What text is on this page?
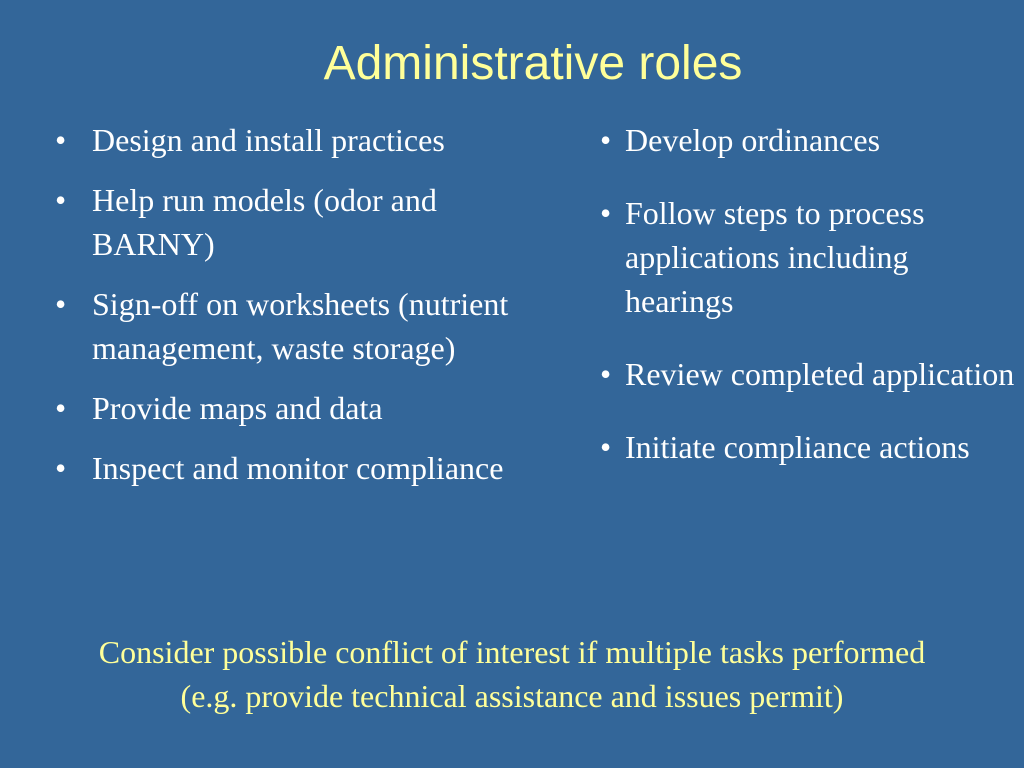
Administrative roles
• Design and install practices
• Help run models (odor and BARNY)
• Sign-off on worksheets (nutrient management, waste storage)
• Provide maps and data
• Inspect and monitor compliance
• Develop ordinances
• Follow steps to process applications including hearings
• Review completed application
• Initiate compliance actions

Consider possible conflict of interest if multiple tasks performed
(e.g. provide technical assistance and issues permit)
